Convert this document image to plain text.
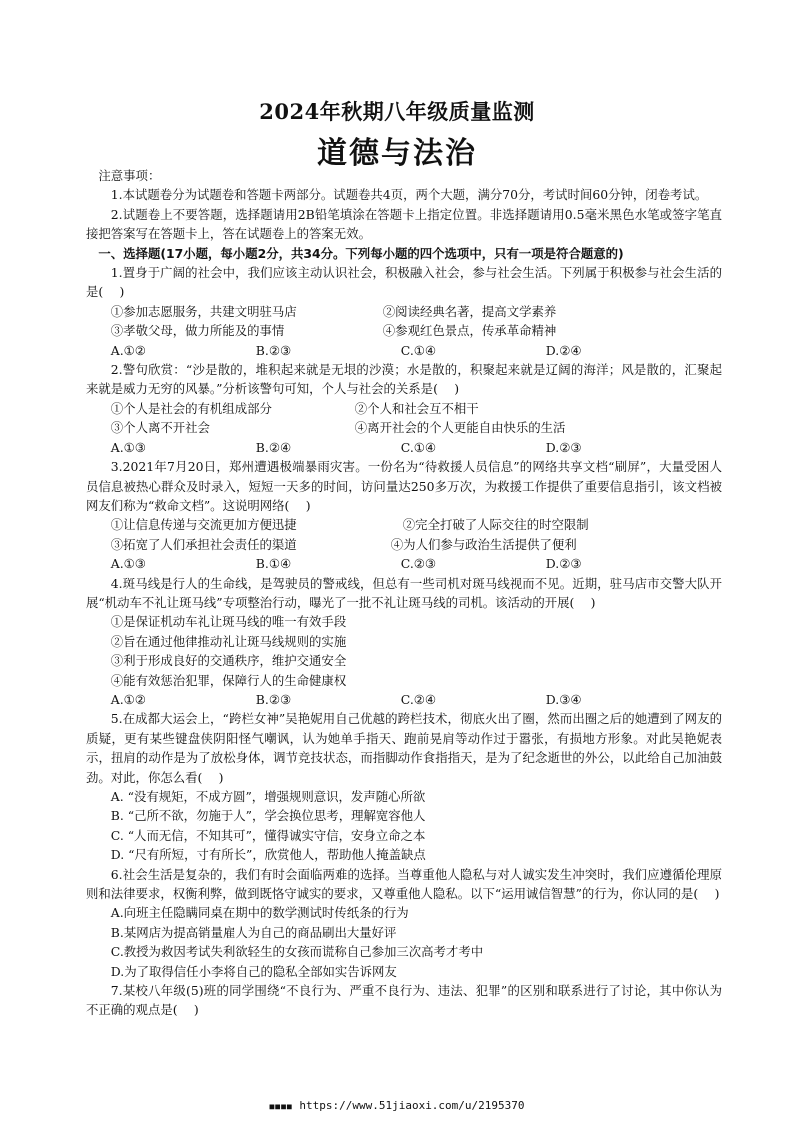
2024年秋期八年级质量监测
道德与法治
注意事项：
1.本试题卷分为试题卷和答题卡两部分。试题卷共4页，两个大题，满分70分，考试时间60分钟，闭卷考试。
2.试题卷上不要答题，选择题请用2B铅笔填涂在答题卡上指定位置。非选择题请用0.5毫米黑色水笔或签字笔直接把答案写在答题卡上，答在试题卷上的答案无效。
一、选择题(17小题，每小题2分，共34分。下列每小题的四个选项中，只有一项是符合题意的)
1.置身于广阔的社会中，我们应该主动认识社会，积极融入社会，参与社会生活。下列属于积极参与社会生活的是(　 )
①参加志愿服务，共建文明驻马店	②阅读经典名著，提高文学素养
③孝敬父母，做力所能及的事情	④参观红色景点，传承革命精神
A.①②	B.②③	C.①④	D.②④
2.警句欣赏：“沙是散的，堆积起来就是无垠的沙漠；水是散的，积聚起来就是辽阔的海洋；风是散的，汇聚起来就是威力无穷的风暴。”分析该警句可知，个人与社会的关系是(　 )
①个人是社会的有机组成部分	②个人和社会互不相干
③个人离不开社会	④离开社会的个人更能自由快乐的生活
A.①③	B.②④	C.①④	D.②③
3.2021年7月20日，郑州遭遇极端暴雨灾害。一份名为“待救援人员信息”的网络共享文档“刷屏”，大量受困人员信息被热心群众及时录入，短短一天多的时间，访问量达250多万次，为救援工作提供了重要信息指引，该文档被网友们称为“救命文档”。这说明网络(　 )
①让信息传递与交流更加方便迅捷	②完全打破了人际交往的时空限制
③拓宽了人们承担社会责任的渠道	④为人们参与政治生活提供了便利
A.①③	B.①④	C.②③	D.②③
4.斑马线是行人的生命线，是驾驶员的警戒线，但总有一些司机对斑马线视而不见。近期，驻马店市交警大队开展“机动车不礼让斑马线”专项整治行动，曝光了一批不礼让斑马线的司机。该活动的开展(　 )
①是保证机动车礼让斑马线的唯一有效手段
②旨在通过他律推动礼让斑马线规则的实施
③利于形成良好的交通秩序，维护交通安全
④能有效惩治犯罪，保障行人的生命健康权
A.①②	B.②③	C.②④	D.③④
5.在成都大运会上，“跨栏女神”吴艳妮用自己优越的跨栏技术，彻底火出了圈，然而出圈之后的她遭到了网友的质疑，更有某些键盘侠阴阳怪气嘲讽，认为她单手指天、跑前晃肩等动作过于嚣张，有损地方形象。对此吴艳妮表示，扭肩的动作是为了放松身体，调节竞技状态，而指脚动作食指指天，是为了纪念逝世的外公，以此给自己加油鼓劲。对此，你怎么看(　 )
A. “没有规矩，不成方圆”，增强规则意识，发声随心所欲
B. “己所不欲，勿施于人”，学会换位思考，理解宽容他人
C. “人而无信，不知其可”，懂得诚实守信，安身立命之本
D. “尺有所短，寸有所长”，欣赏他人，帮助他人掩盖缺点
6.社会生活是复杂的，我们有时会面临两难的选择。当尊重他人隐私与对人诚实发生冲突时，我们应遵循伦理原则和法律要求，权衡利弊，做到既恪守诚实的要求，又尊重他人隐私。以下“运用诚信智慧”的行为，你认同的是(　 )
A.向班主任隐瞒同桌在期中的数学测试时传纸条的行为
B.某网店为提高销量雇人为自己的商品刷出大量好评
C.教授为救因考试失利欲轻生的女孩而谎称自己参加三次高考才考中
D.为了取得信任小李将自己的隐私全部如实告诉网友
7.某校八年级(5)班的同学围绕“不良行为、严重不良行为、违法、犯罪”的区别和联系进行了讨论，其中你认为不正确的观点是(　 )
■■■■ https://www.51jiaoxi.com/u/2195370
